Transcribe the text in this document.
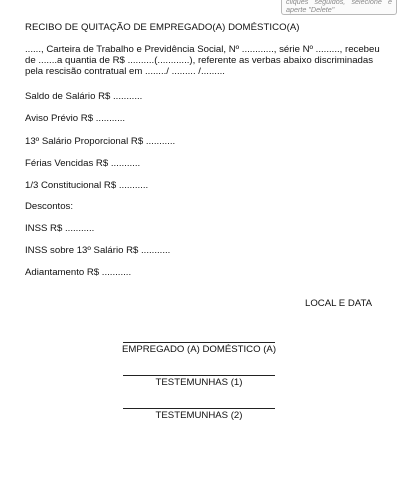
cliques seguidos, selecione e
aperte "Delete"
RECIBO DE QUITAÇÃO DE EMPREGADO(A) DOMÉSTICO(A)
......, Carteira de Trabalho e Previdência Social, Nº ............, série Nº ........., recebeu
de .......a quantia de R$ ..........(............), referente as verbas abaixo discriminadas
pela rescisão contratual em ......../ ......... /.........
Saldo de Salário R$ ...........
Aviso Prévio R$ ...........
13º Salário Proporcional R$ ...........
Férias Vencidas R$ ...........
1/3 Constitucional R$ ...........
Descontos:
INSS R$ ...........
INSS sobre 13º Salário R$ ...........
Adiantamento R$ ...........
LOCAL E DATA
EMPREGADO (A) DOMÉSTICO (A)
TESTEMUNHAS (1)
TESTEMUNHAS (2)
